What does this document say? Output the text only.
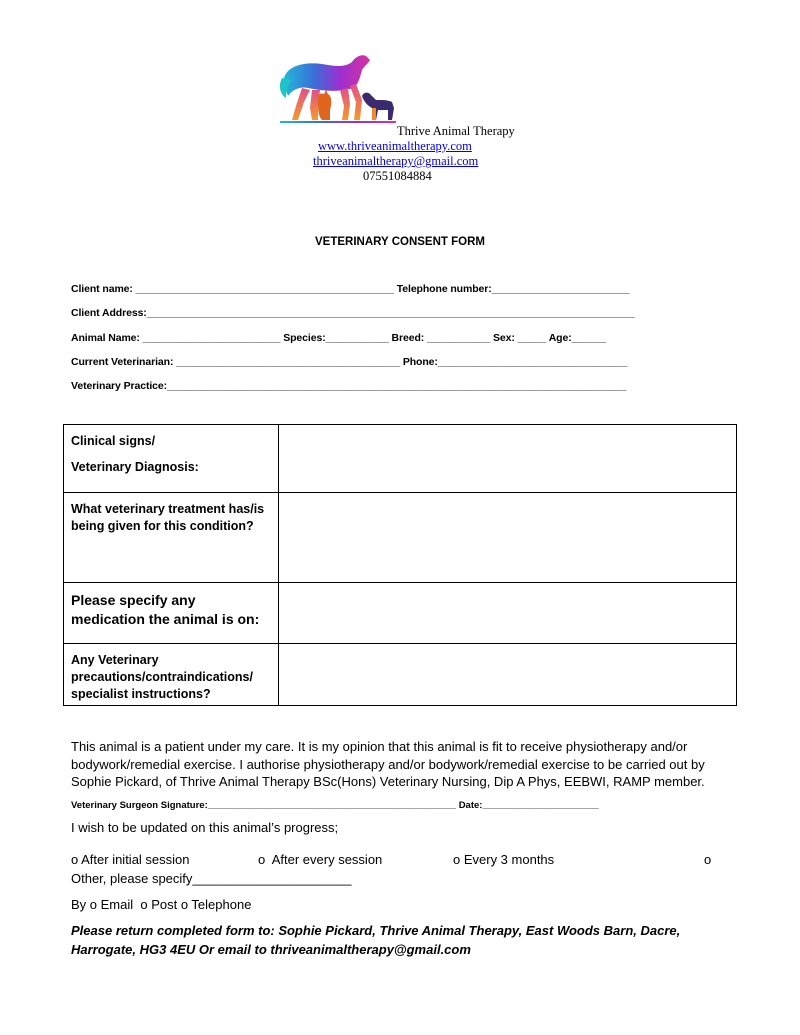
Thrive Animal Therapy
www.thriveanimaltherapy.com
thriveanimaltherapy@gmail.com
07551084884
VETERINARY CONSENT FORM
Client name: _____________________________________________ Telephone number:________________________
Client Address:_____________________________________________________________________________________
Animal Name: ________________________ Species:___________ Breed: ___________ Sex: _____ Age:______
Current Veterinarian: _______________________________________ Phone:_________________________________
Veterinary Practice:________________________________________________________________________________
Clinical signs/
Veterinary Diagnosis:	

What veterinary treatment has/is being given for this condition?	
Please specify any medication the animal is on:	
Any Veterinary precautions/contraindications/ specialist instructions?	
This animal is a patient under my care. It is my opinion that this animal is fit to receive physiotherapy and/or bodywork/remedial exercise. I authorise physiotherapy and/or bodywork/remedial exercise to be carried out by Sophie Pickard, of Thrive Animal Therapy BSc(Hons) Veterinary Nursing, Dip A Phys, EEBWI, RAMP member.
Veterinary Surgeon Signature:_______________________________________________ Date:______________________
I wish to be updated on this animal’s progress;
o After initial session	o  After every session	o Every 3 months	o
Other, please specify______________________
By o Email  o Post o Telephone
Please return completed form to: Sophie Pickard, Thrive Animal Therapy, East Woods Barn, Dacre, Harrogate, HG3 4EU Or email to thriveanimaltherapy@gmail.com
